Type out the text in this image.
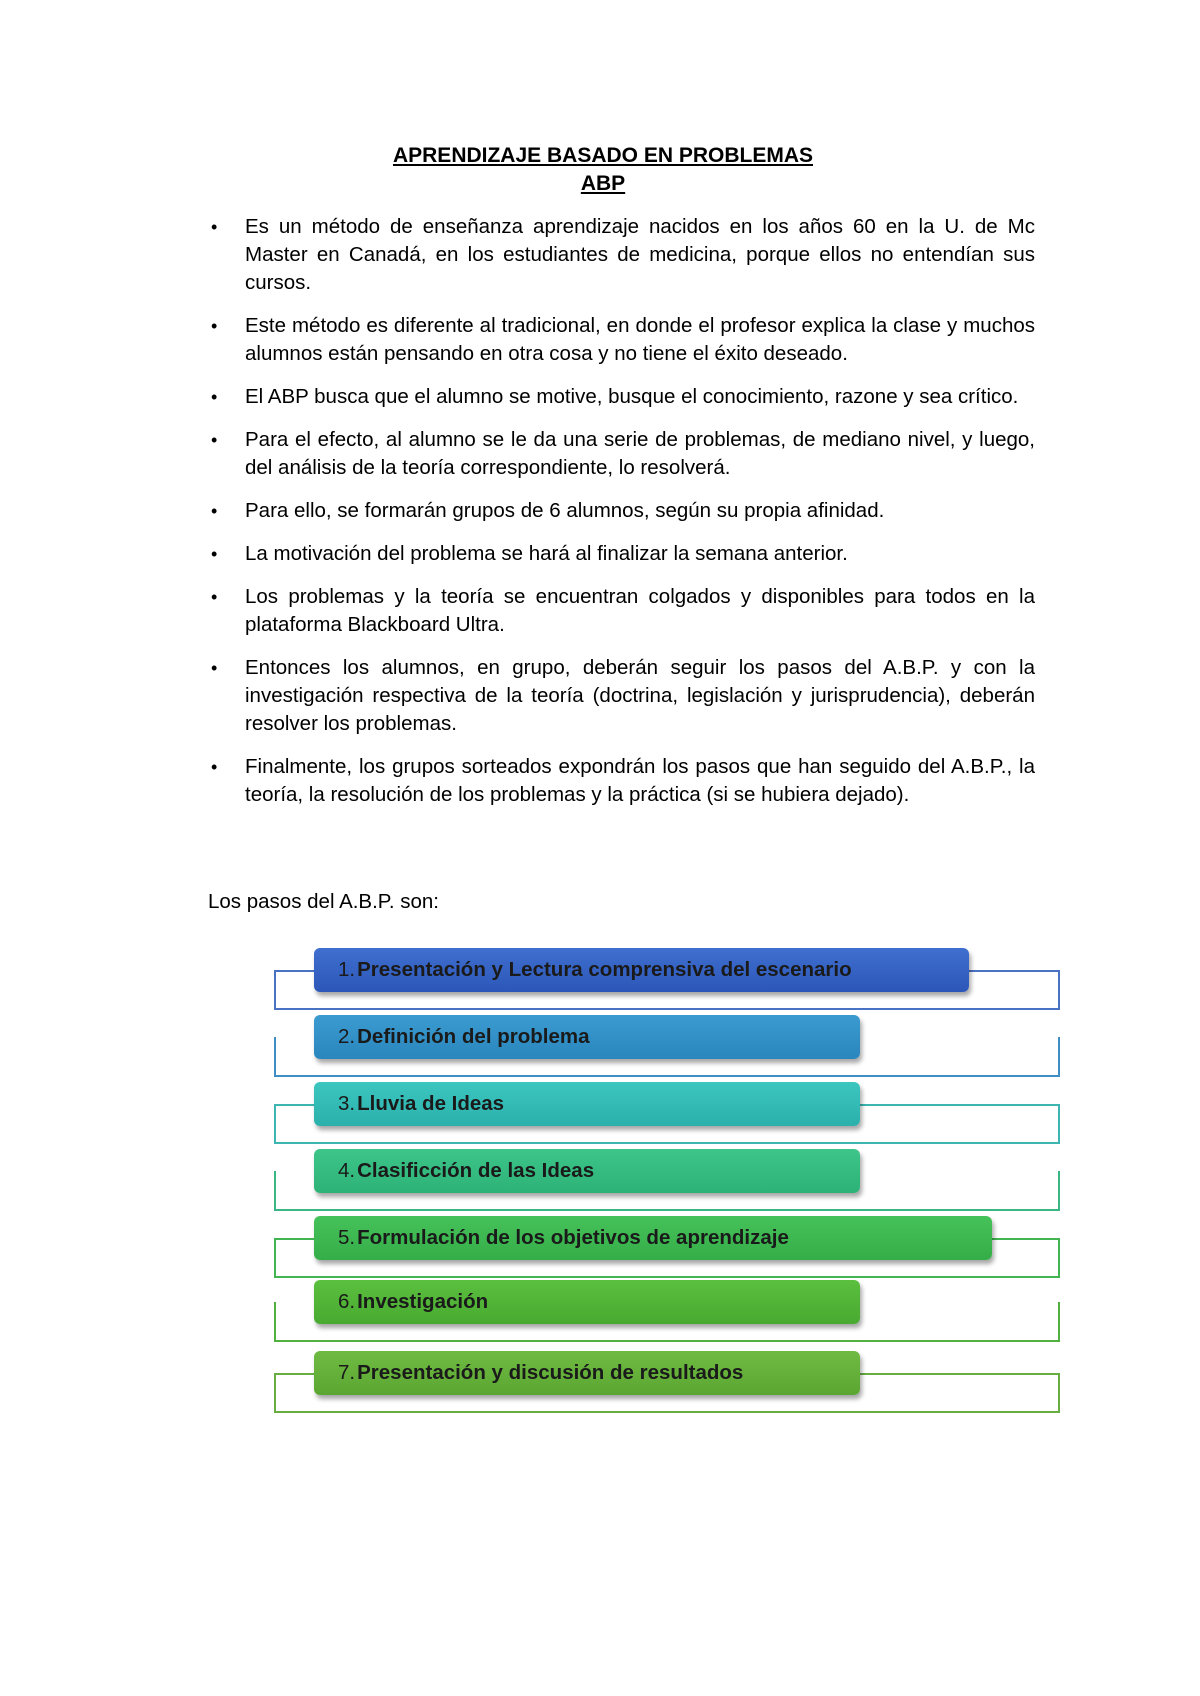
APRENDIZAJE BASADO EN PROBLEMAS
ABP
• Es un método de enseñanza aprendizaje nacidos en los años 60 en la U. de Mc Master en Canadá, en los estudiantes de medicina, porque ellos no entendían sus cursos.
• Este método es diferente al tradicional, en donde el profesor explica la clase y muchos alumnos están pensando en otra cosa y no tiene el éxito deseado.
• El ABP busca que el alumno se motive, busque el conocimiento, razone y sea crítico.
• Para el efecto, al alumno se le da una serie de problemas, de mediano nivel, y luego, del análisis de la teoría correspondiente, lo resolverá.
• Para ello, se formarán grupos de 6 alumnos, según su propia afinidad.
• La motivación del problema se hará al finalizar la semana anterior.
• Los problemas y la teoría se encuentran colgados y disponibles para todos en la plataforma Blackboard Ultra.
• Entonces los alumnos, en grupo, deberán seguir los pasos del A.B.P. y con la investigación respectiva de la teoría (doctrina, legislación y jurisprudencia), deberán resolver los problemas.
• Finalmente, los grupos sorteados expondrán los pasos que han seguido del A.B.P., la teoría, la resolución de los problemas y la práctica (si se hubiera dejado).
Los pasos del A.B.P. son:
1. Presentación y Lectura comprensiva del escenario
2. Definición del problema
3. Lluvia de Ideas
4. Clasificción de las Ideas
5. Formulación de los objetivos de aprendizaje
6. Investigación
7. Presentación y discusión de resultados
